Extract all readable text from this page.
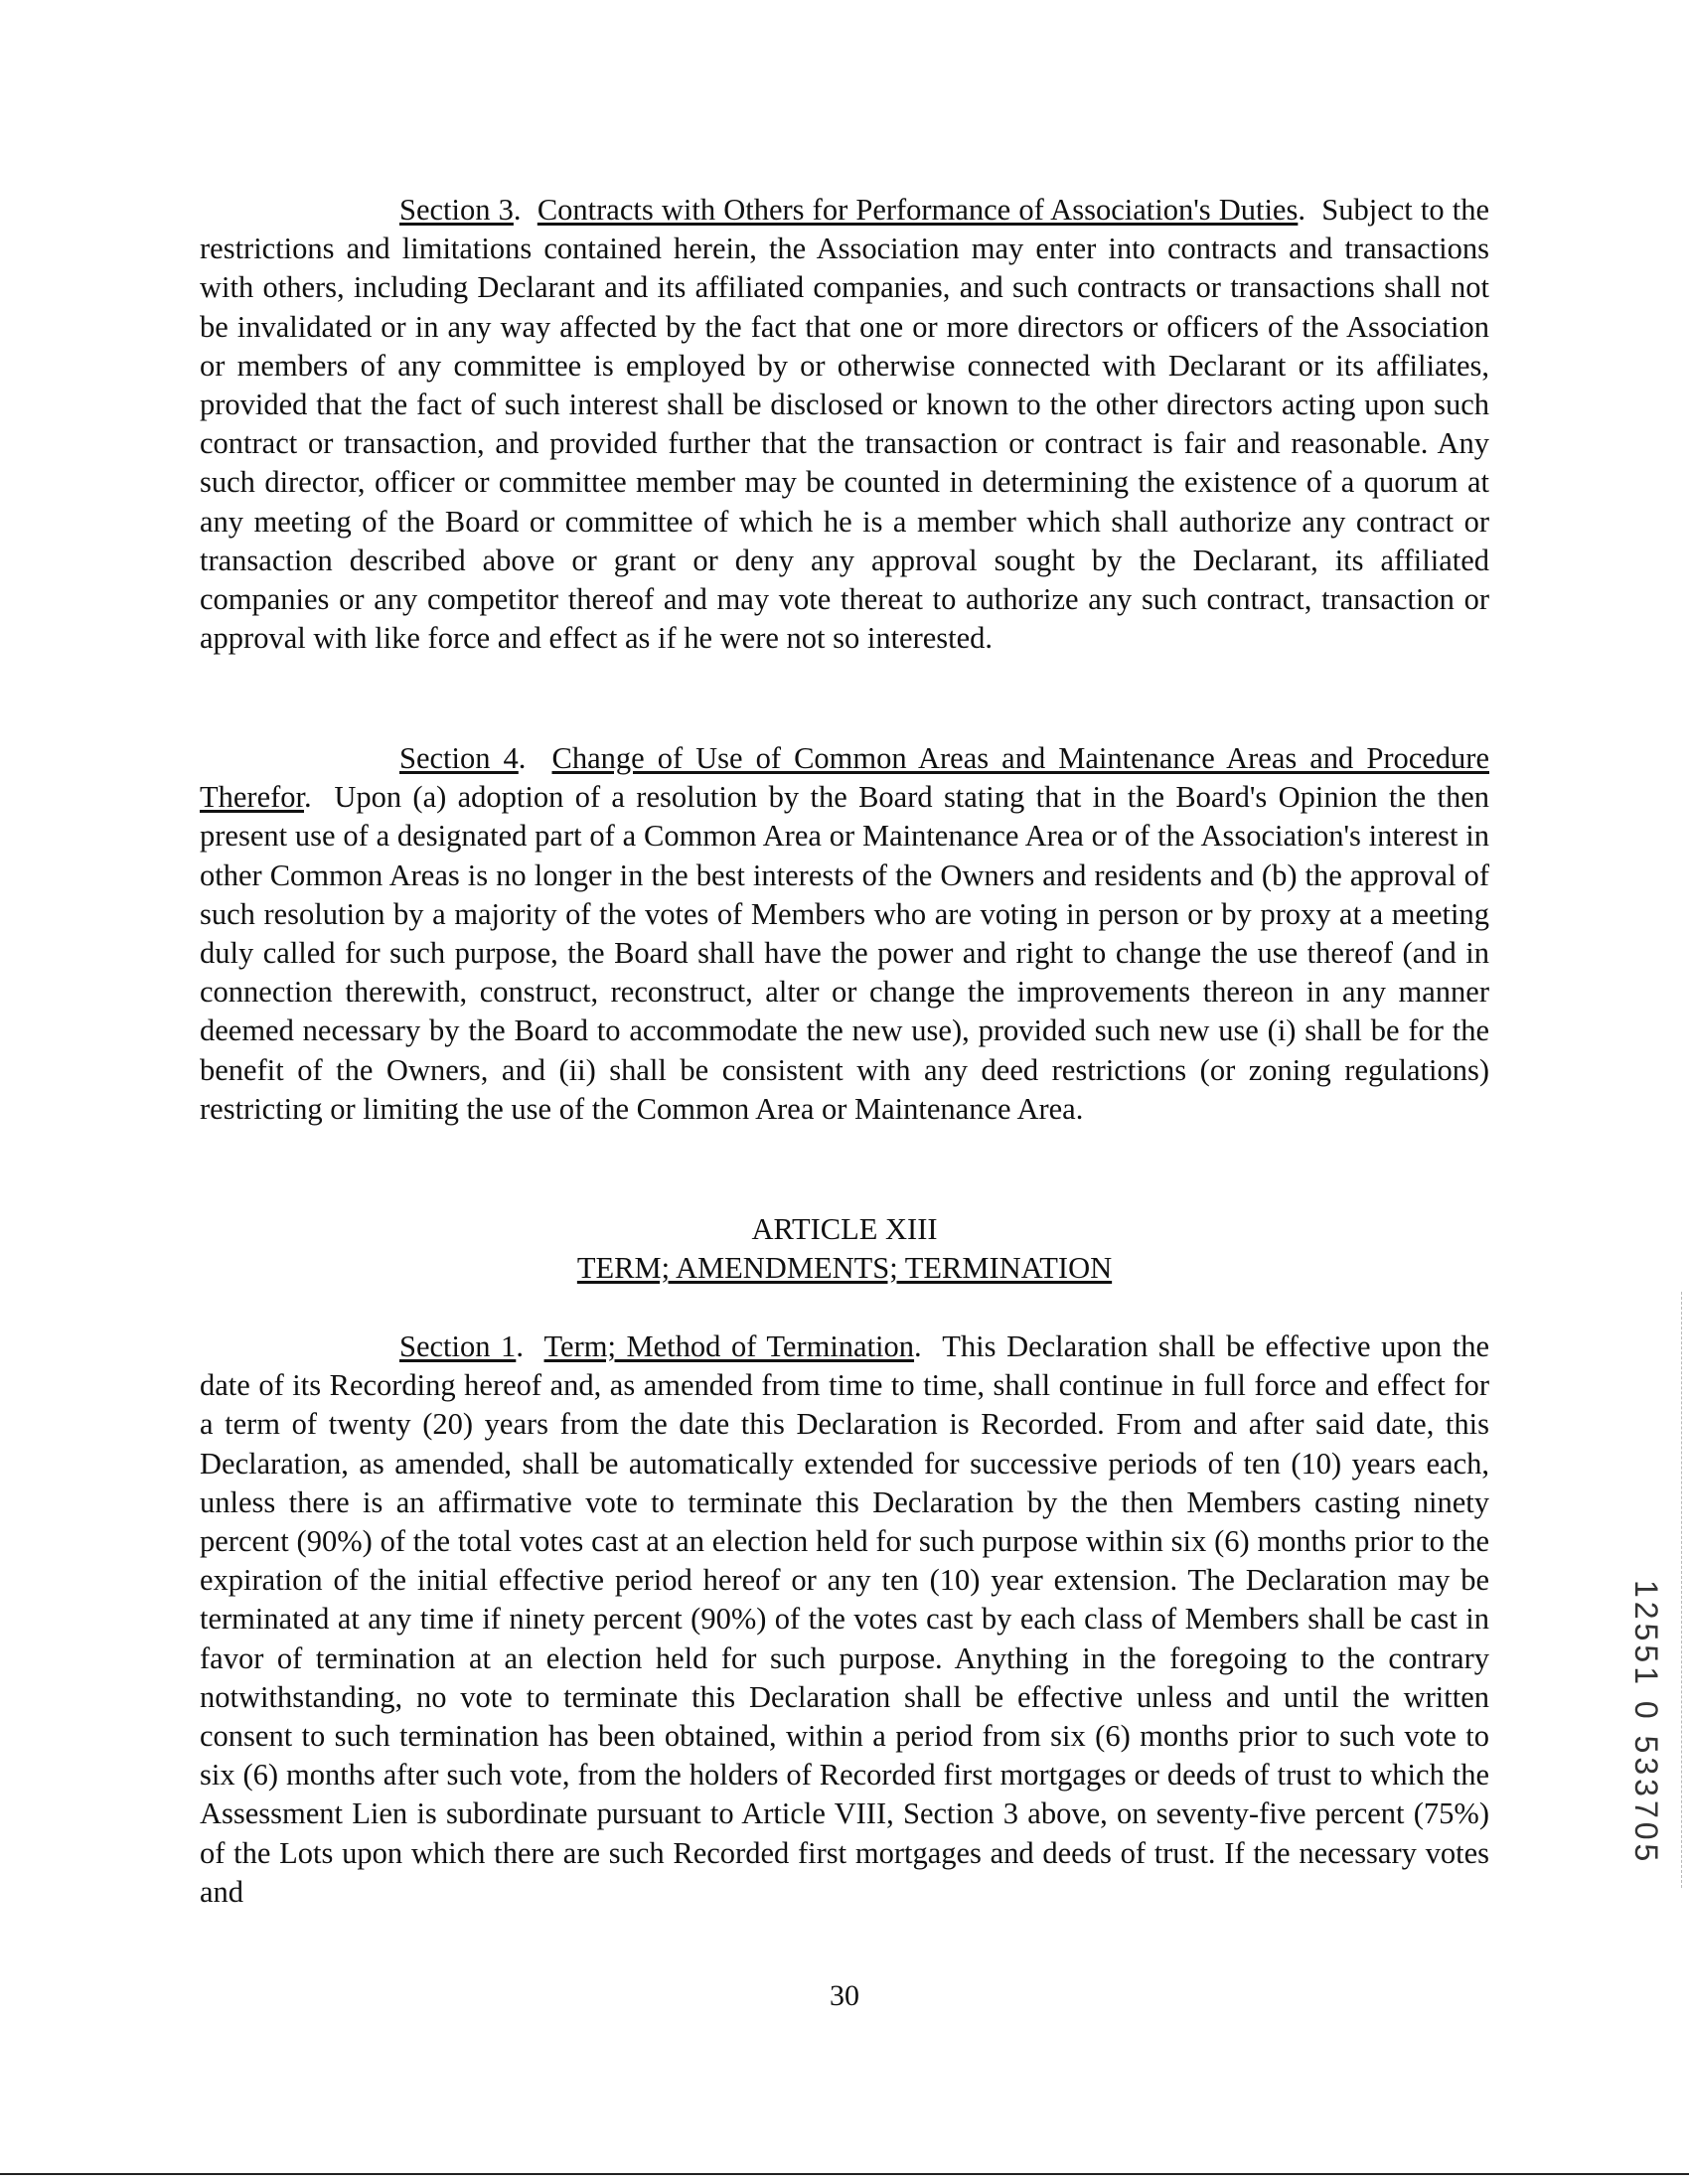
Section 3.  Contracts with Others for Performance of Association's Duties.  Subject to the restrictions and limitations contained herein, the Association may enter into contracts and transactions with others, including Declarant and its affiliated companies, and such contracts or transactions shall not be invalidated or in any way affected by the fact that one or more directors or officers of the Association or members of any committee is employed by or otherwise connected with Declarant or its affiliates, provided that the fact of such interest shall be disclosed or known to the other directors acting upon such contract or transaction, and provided further that the transaction or contract is fair and reasonable. Any such director, officer or committee member may be counted in determining the existence of a quorum at any meeting of the Board or committee of which he is a member which shall authorize any contract or transaction described above or grant or deny any approval sought by the Declarant, its affiliated companies or any competitor thereof and may vote thereat to authorize any such contract, transaction or approval with like force and effect as if he were not so interested.

Section 4.  Change of Use of Common Areas and Maintenance Areas and Procedure Therefor.  Upon (a) adoption of a resolution by the Board stating that in the Board's Opinion the then present use of a designated part of a Common Area or Maintenance Area or of the Association's interest in other Common Areas is no longer in the best interests of the Owners and residents and (b) the approval of such resolution by a majority of the votes of Members who are voting in person or by proxy at a meeting duly called for such purpose, the Board shall have the power and right to change the use thereof (and in connection therewith, construct, reconstruct, alter or change the improvements thereon in any manner deemed necessary by the Board to accommodate the new use), provided such new use (i) shall be for the benefit of the Owners, and (ii) shall be consistent with any deed restrictions (or zoning regulations) restricting or limiting the use of the Common Area or Maintenance Area.

ARTICLE XIII
TERM; AMENDMENTS; TERMINATION

Section 1.  Term; Method of Termination.  This Declaration shall be effective upon the date of its Recording hereof and, as amended from time to time, shall continue in full force and effect for a term of twenty (20) years from the date this Declaration is Recorded. From and after said date, this Declaration, as amended, shall be automatically extended for successive periods of ten (10) years each, unless there is an affirmative vote to terminate this Declaration by the then Members casting ninety percent (90%) of the total votes cast at an election held for such purpose within six (6) months prior to the expiration of the initial effective period hereof or any ten (10) year extension. The Declaration may be terminated at any time if ninety percent (90%) of the votes cast by each class of Members shall be cast in favor of termination at an election held for such purpose. Anything in the foregoing to the contrary notwithstanding, no vote to terminate this Declaration shall be effective unless and until the written consent to such termination has been obtained, within a period from six (6) months prior to such vote to six (6) months after such vote, from the holders of Recorded first mortgages or deeds of trust to which the Assessment Lien is subordinate pursuant to Article VIII, Section 3 above, on seventy-five percent (75%) of the Lots upon which there are such Recorded first mortgages and deeds of trust. If the necessary votes and

30
12551 0 533705
